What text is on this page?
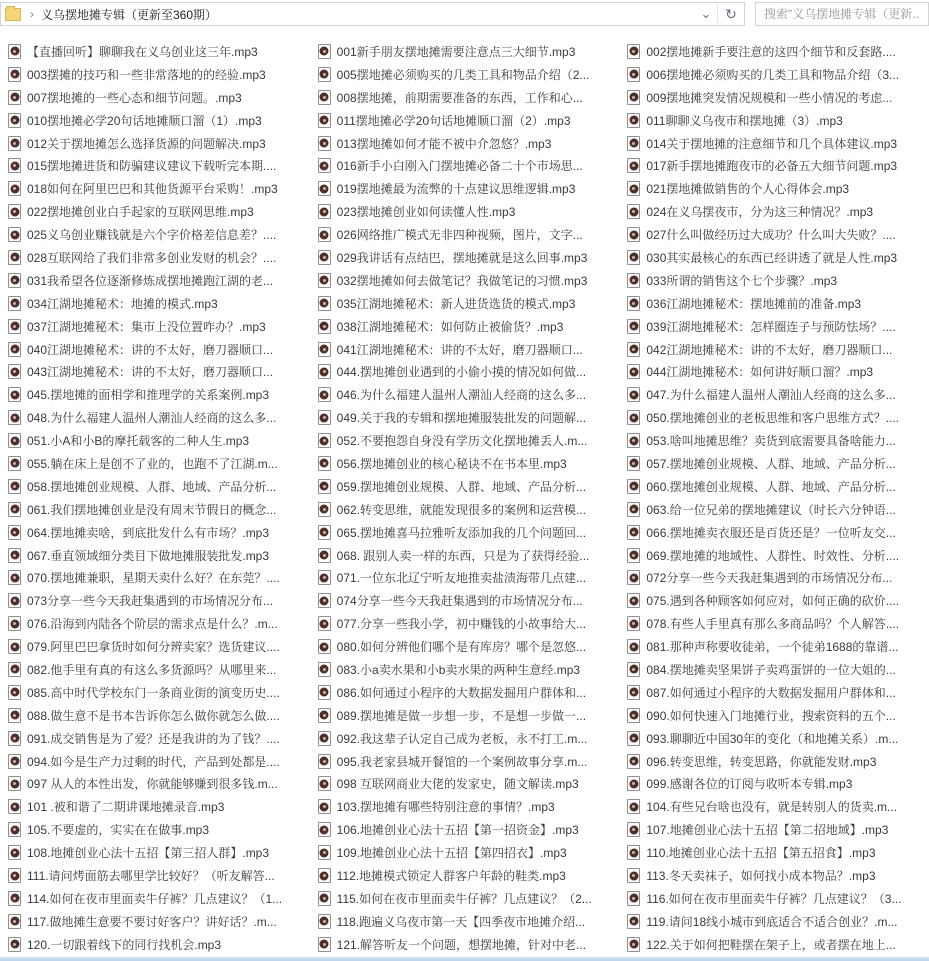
› 义乌摆地摊专辑（更新至360期）	⌄ ↻
搜索"义乌摆地摊专辑（更新...
【直播回听】聊聊我在义乌创业这三年.mp3
003摆摊的技巧和一些非常落地的的经验.mp3
007摆地摊的一些心态和细节问题。.mp3
010摆地摊必学20句话地摊顺口溜（1）.mp3
012关于摆地摊怎么选择货源的问题解决.mp3
015摆地摊进货和防骗建议建议下载听完本期....
018如何在阿里巴巴和其他货源平台采购！.mp3
022摆地摊创业白手起家的互联网思维.mp3
025义乌创业赚钱就是六个字价格差信息差？....
028互联网给了我们非常多创业发财的机会？....
031我希望各位逐渐修炼成摆地摊跑江湖的老...
034江湖地摊秘术：地摊的模式.mp3
037江湖地摊秘术：集市上没位置咋办？.mp3
040江湖地摊秘术：讲的不太好，磨刀器顺口...
043江湖地摊秘术：讲的不太好，磨刀器顺口...
045.摆地摊的面相学和推理学的关系案例.mp3
048.为什么福建人温州人潮汕人经商的这么多...
051.小A和小B的摩托载客的二种人生.mp3
055.躺在床上是创不了业的，也跑不了江湖.m...
058.摆地摊创业规模、人群、地域、产品分析...
061.我们摆地摊创业是没有周末节假日的概念...
064.摆地摊卖啥，到底批发什么有市场？.mp3
067.垂直领域细分类目下做地摊服装批发.mp3
070.摆地摊兼职，星期天卖什么好？在东莞？....
073分享一些今天我赶集遇到的市场情况分布...
076.沿海到内陆各个阶层的需求点是什么？.m...
079.阿里巴巴拿货时如何分辨卖家？选货建议....
082.他手里有真的有这么多货源吗？从哪里来...
085.高中时代学校东门一条商业街的演变历史....
088.做生意不是书本告诉你怎么做你就怎么做....
091.成交销售是为了爱？还是我讲的为了钱？....
094.如今是生产力过剩的时代，产品到处都是....
097 从人的本性出发，你就能够赚到很多钱.m...
101 .被和谐了二期讲课地摊录音.mp3
105.不要虚的，实实在在做事.mp3
108.地摊创业心法十五招【第三招人群】.mp3
111.请问烤面筋去哪里学比较好？（听友解答...
114.如何在夜市里面卖牛仔裤？几点建议？（1...
117.做地摊生意要不要讨好客户？讲好话？.m...
120.一切跟着线下的同行找机会.mp3
001新手朋友摆地摊需要注意点三大细节.mp3
005摆地摊必须购买的几类工具和物品介绍（2...
008摆地摊，前期需要准备的东西，工作和心...
011摆地摊必学20句话地摊顺口溜（2）.mp3
013摆地摊如何才能不被中介忽悠？.mp3
016新手小白刚入门摆地摊必备二十个市场思...
019摆地摊最为流弊的十点建议思维逻辑.mp3
023摆地摊创业如何读懂人性.mp3
026网络推广模式无非四种视频，图片，文字...
029我讲话有点结巴，摆地摊就是这么回事.mp3
032摆地摊如何去做笔记？我做笔记的习惯.mp3
035江湖地摊秘术：新人进货选货的模式.mp3
038江湖地摊秘术：如何防止被偷货？.mp3
041江湖地摊秘术：讲的不太好，磨刀器顺口...
044.摆地摊创业遇到的小偷小摸的情况如何做...
046.为什么福建人温州人潮汕人经商的这么多...
049.关于我的专辑和摆地摊服装批发的问题解...
052.不要抱怨自身没有学历文化摆地摊丢人.m...
056.摆地摊创业的核心秘诀不在书本里.mp3
059.摆地摊创业规模、人群、地域、产品分析...
062.转变思维，就能发现很多的案例和运营模...
065.摆地摊喜马拉雅听友添加我的几个问题回...
068. 跟别人卖一样的东西，只是为了获得经验...
071.一位东北辽宁听友地推卖盐渍海带几点建...
074分享一些今天我赶集遇到的市场情况分布...
077.分享一些我小学，初中赚钱的小故事给大...
080.如何分辨他们哪个是有库房？哪个是忽悠...
083.小a卖水果和小b卖水果的两种生意经.mp3
086.如何通过小程序的大数据发掘用户群体和...
089.摆地摊是做一步想一步，不是想一步做一...
092.我这辈子认定自己成为老板，永不打工.m...
095.我老家县城开餐馆的一个案例故事分享.m...
098 互联网商业大佬的发家史，随文解读.mp3
103.摆地摊有哪些特别注意的事情？.mp3
106.地摊创业心法十五招【第一招资金】.mp3
109.地摊创业心法十五招【第四招衣】.mp3
112.地摊模式锁定人群客户年龄的鞋类.mp3
115.如何在夜市里面卖牛仔裤？几点建议？（2...
118.跑遍义乌夜市第一天【四季夜市地摊介绍...
121.解答听友一个问题，想摆地摊，针对中老...
002摆地摊新手要注意的这四个细节和反套路....
006摆地摊必须购买的几类工具和物品介绍（3...
009摆地摊突发情况规模和一些小情况的考虑...
011聊聊义乌夜市和摆地摊（3）.mp3
014关于摆地摊的注意细节和几个具体建议.mp3
017新手摆地摊跑夜市的必备五大细节问题.mp3
021摆地摊做销售的个人心得体会.mp3
024在义乌摆夜市，分为这三种情况？.mp3
027什么叫做经历过大成功？什么叫大失败？....
030其实最核心的东西已经讲透了就是人性.mp3
033所谓的销售这个七个步骤？.mp3
036江湖地摊秘术：摆地摊前的准备.mp3
039江湖地摊秘术：怎样圈连子与预防怯场？....
042江湖地摊秘术：讲的不太好，磨刀器顺口...
044江湖地摊秘术：如何讲好顺口溜？.mp3
047.为什么福建人温州人潮汕人经商的这么多...
050.摆地摊创业的老板思维和客户思维方式？....
053.啥叫地摊思维？卖货到底需要具备啥能力...
057.摆地摊创业规模、人群、地域、产品分析...
060.摆地摊创业规模、人群、地域、产品分析...
063.给一位兄弟的摆地摊建议（时长六分钟语...
066.摆地摊卖衣服还是百货还是？一位听友交...
069.摆地摊的地域性、人群性、时效性、分析....
072分享一些今天我赶集遇到的市场情况分布...
075.遇到各种顾客如何应对，如何正确的砍价....
078.有些人手里真有那么多商品吗？个人解答....
081.那种声称要收徒弟，一个徒弟1688的靠谱...
084.摆地摊卖坚果饼子卖鸡蛋饼的一位大姐的...
087.如何通过小程序的大数据发掘用户群体和...
090.如何快速入门地摊行业，搜索资料的五个...
093.聊聊近中国30年的变化（和地摊关系）.m...
096.转变思维，转变思路，你就能发财.mp3
099.感谢各位的订阅与收听本专辑.mp3
104.有些兄台啥也没有，就是转别人的货卖.m...
107.地摊创业心法十五招【第二招地域】.mp3
110.地摊创业心法十五招【第五招食】.mp3
113.冬天卖袜子，如何找小成本物品？.mp3
116.如何在夜市里面卖牛仔裤？几点建议？（3...
119.请问18线小城市到底适合不适合创业？.m...
122.关于如何把鞋摆在架子上，或者摆在地上...
